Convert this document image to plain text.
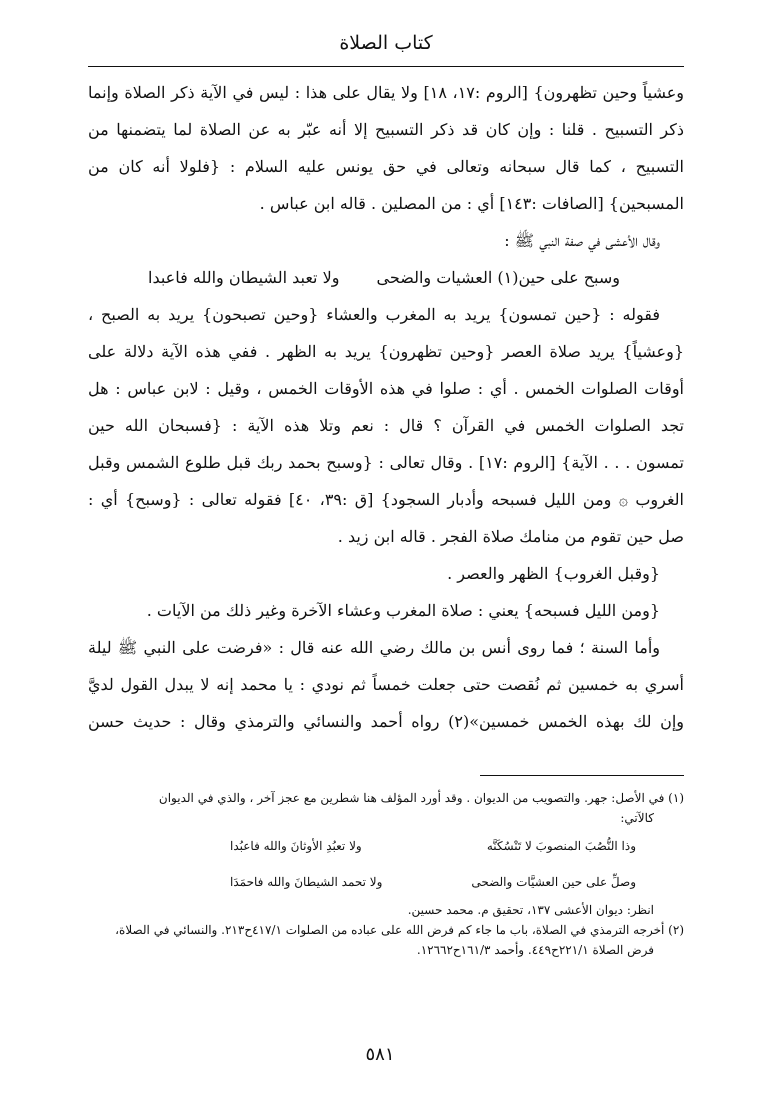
كتاب الصلاة
وعشياً وحين تظهرون} [الروم :١٧، ١٨] ولا يقال على هذا : ليس في الآية ذكر الصلاة وإنما
ذكر التسبيح . قلنا : وإن كان قد ذكر التسبيح إلا أنه عبّر به عن الصلاة لما يتضمنها من
التسبيح ، كما قال سبحانه وتعالى في حق يونس عليه السلام : {فلولا أنه كان من
المسبحين} [الصافات :١٤٣] أي : من المصلين . قاله ابن عباس .
وقال الأعشى في صفة النبي ﷺ :
وسبح على حين(١) العشيات والضحى
ولا تعبد الشيطان والله فاعبدا
فقوله : {حين تمسون} يريد به المغرب والعشاء {وحين تصبحون} يريد به الصبح ،
{وعشياً} يريد صلاة العصر {وحين تظهرون} يريد به الظهر . ففي هذه الآية دلالة على
أوقات الصلوات الخمس . أي : صلوا في هذه الأوقات الخمس ، وقيل : لابن عباس : هل
تجد الصلوات الخمس في القرآن ؟ قال : نعم وتلا هذه الآية : {فسبحان الله حين
تمسون . . . الآية} [الروم :١٧] . وقال تعالى : {وسبح بحمد ربك قبل طلوع الشمس وقبل
الغروب ۞ ومن الليل فسبحه وأدبار السجود} [ق :٣٩، ٤٠] فقوله تعالى : {وسبح} أي :
صل حين تقوم من منامك صلاة الفجر . قاله ابن زيد .
{وقبل الغروب} الظهر والعصر .
{ومن الليل فسبحه} يعني : صلاة المغرب وعشاء الآخرة وغير ذلك من الآيات .
وأما السنة ؛ فما روى أنس بن مالك رضي الله عنه قال : «فرضت على النبي ﷺ ليلة
أسري به خمسين ثم نُقصت حتى جعلت خمساً ثم نودي : يا محمد إنه لا يبدل القول لديَّ
وإن لك بهذه الخمس خمسين»(٢) رواه أحمد والنسائي والترمذي وقال : حديث حسن
(١) في الأصل: جهر. والتصويب من الديوان . وقد أورد المؤلف هنا شطرين مع عجز آخر ، والذي في الديوان
كالآتي:
وذا النُّصُبَ المنصوبَ لا تَنْسُكَنَّه
ولا تعبُدِ الأوثانَ والله فاعبُدا
وصلِّ على حين العشيَّات والضحى
ولا تحمد الشيطانَ والله فاحمَدَا
انظر: ديوان الأعشى ١٣٧، تحقيق م. محمد حسين.
(٢) أخرجه الترمذي في الصلاة، باب ما جاء كم فرض الله على عباده من الصلوات ٤١٧/١ح٢١٣. والنسائي في الصلاة،
فرض الصلاة ٢٢١/١ح٤٤٩. وأحمد ١٦١/٣ح١٢٦٦٢.
٥٨١
